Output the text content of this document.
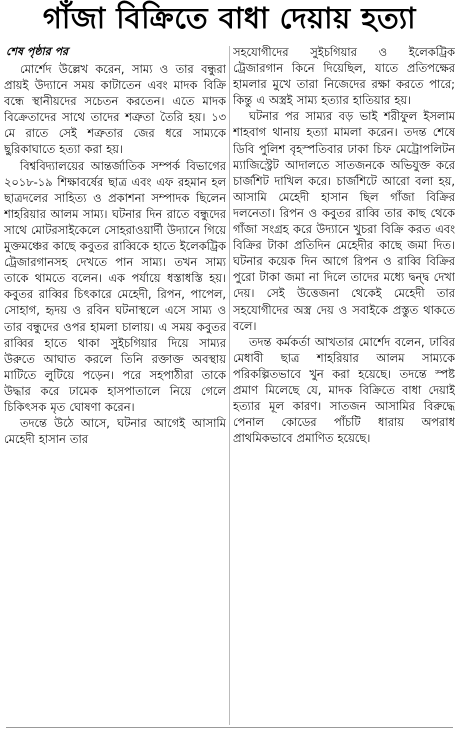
গাঁজা বিক্রিতে বাধা দেয়ায় হত্যা
শেষ পৃষ্ঠার পর

মোর্শেদ উল্লেখ করেন, সাম্য ও তার বন্ধুরা প্রায়ই উদ্যানে সময় কাটাতেন এবং মাদক বিক্রি বন্ধে স্থানীয়দের সচেতন করতেন। এতে মাদক বিক্রেতাদের সাথে তাদের শত্রুতা তৈরি হয়। ১৩ মে রাতে সেই শত্রুতার জের ধরে সাম্যকে ছুরিকাঘাতে হত্যা করা হয়।

বিশ্ববিদ্যালয়ের আন্তর্জাতিক সম্পর্ক বিভাগের ২০১৮-১৯ শিক্ষাবর্ষের ছাত্র এবং এফ রহমান হল ছাত্রদলের সাহিত্য ও প্রকাশনা সম্পাদক ছিলেন শাহরিয়ার আলম সাম্য। ঘটনার দিন রাতে বন্ধুদের সাথে মোটরসাইকেলে সোহরাওয়ার্দী উদ্যানে গিয়ে মুক্তমঞ্চের কাছে কবুতর রাব্বিকে হাতে ইলেকট্রিক ট্রেজারগানসহ দেখতে পান সাম্য। তখন সাম্য তাকে থামতে বলেন। এক পর্যায়ে ধস্তাধস্তি হয়। কবুতর রাব্বির চিৎকারে মেহেদী, রিপন, পাপেল, সোহাগ, হৃদয় ও রবিন ঘটনাস্থলে এসে সাম্য ও তার বন্ধুদের ওপর হামলা চালায়। এ সময় কবুতর রাব্বির হাতে থাকা সুইচগিয়ার দিয়ে সাম্যর উরুতে আঘাত করলে তিনি রক্তাক্ত অবস্থায় মাটিতে লুটিয়ে পড়েন। পরে সহপাঠীরা তাকে উদ্ধার করে ঢামেক হাসপাতালে নিয়ে গেলে চিকিৎসক মৃত ঘোষণা করেন।

তদন্তে উঠে আসে, ঘটনার আগেই আসামি মেহেদী হাসান তার

সহযোগীদের সুইচগিয়ার ও ইলেকট্রিক ট্রেজারগান কিনে দিয়েছিল, যাতে প্রতিপক্ষের হামলার মুখে তারা নিজেদের রক্ষা করতে পারে; কিন্তু এ অস্ত্রই সাম্য হত্যার হাতিয়ার হয়।

ঘটনার পর সাম্যর বড় ভাই শরীফুল ইসলাম শাহবাগ থানায় হত্যা মামলা করেন। তদন্ত শেষে ডিবি পুলিশ বৃহস্পতিবার ঢাকা চিফ মেট্রোপলিটন ম্যাজিস্ট্রেট আদালতে সাতজনকে অভিযুক্ত করে চার্জশিট দাখিল করে। চার্জশিটে আরো বলা হয়, আসামি মেহেদী হাসান ছিল গাঁজা বিক্রির দলনেতা। রিপন ও কবুতর রাব্বি তার কাছ থেকে গাঁজা সংগ্রহ করে উদ্যানে খুচরা বিক্রি করত এবং বিক্রির টাকা প্রতিদিন মেহেদীর কাছে জমা দিত। ঘটনার কয়েক দিন আগে রিপন ও রাব্বি বিক্রির পুরো টাকা জমা না দিলে তাদের মধ্যে দ্বন্দ্ব দেখা দেয়। সেই উত্তেজনা থেকেই মেহেদী তার সহযোগীদের অস্ত্র দেয় ও সবাইকে প্রস্তুত থাকতে বলে।

তদন্ত কর্মকর্তা আখতার মোর্শেদ বলেন, ঢাবির মেধাবী ছাত্র শাহরিয়ার আলম সাম্যকে পরিকল্পিতভাবে খুন করা হয়েছে। তদন্তে স্পষ্ট প্রমাণ মিলেছে যে, মাদক বিক্রিতে বাধা দেয়াই হত্যার মূল কারণ। সাতজন আসামির বিরুদ্ধে পেনাল কোডের পাঁচটি ধারায় অপরাধ প্রাথমিকভাবে প্রমাণিত হয়েছে।
